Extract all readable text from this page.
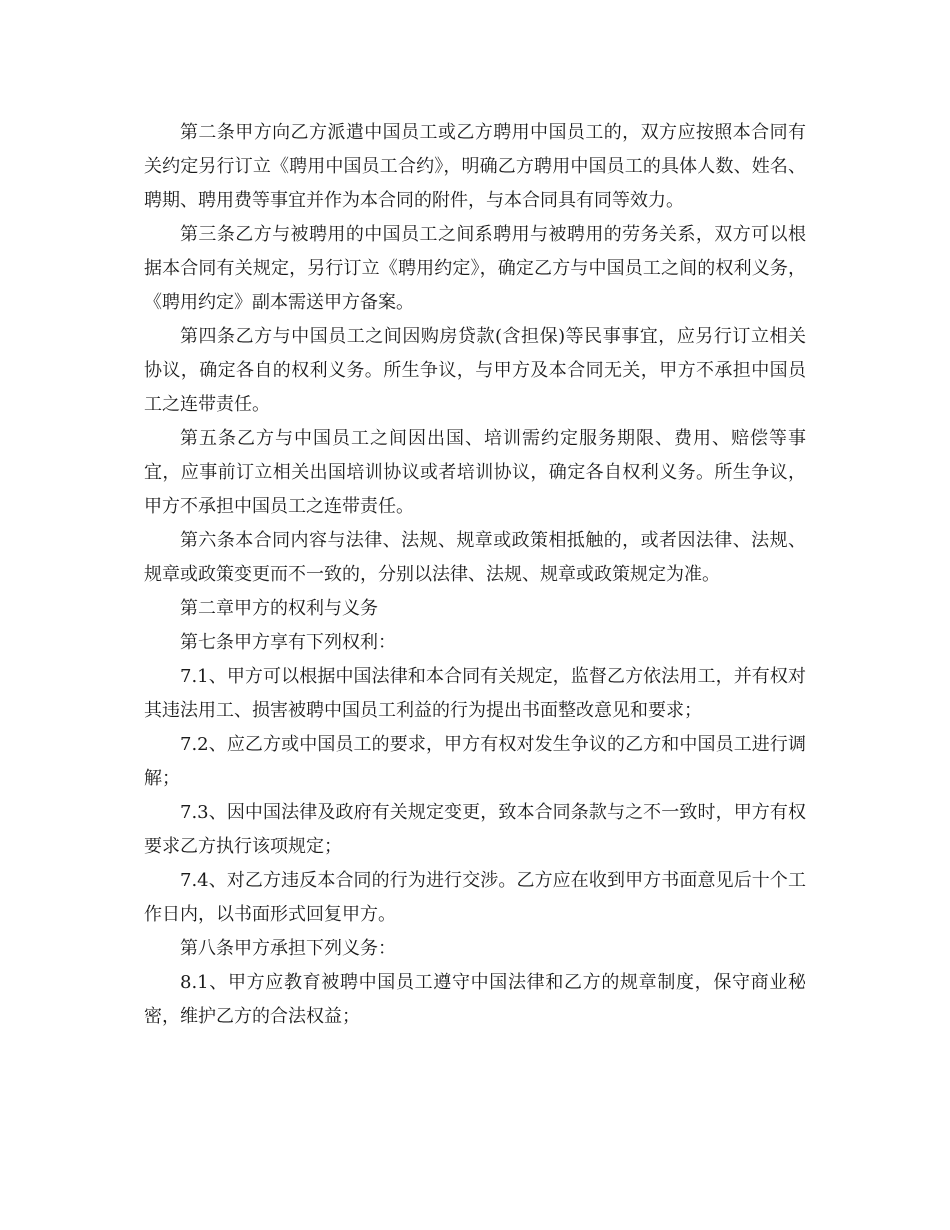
第二条甲方向乙方派遣中国员工或乙方聘用中国员工的，双方应按照本合同有关约定另行订立《聘用中国员工合约》，明确乙方聘用中国员工的具体人数、姓名、聘期、聘用费等事宜并作为本合同的附件，与本合同具有同等效力。

第三条乙方与被聘用的中国员工之间系聘用与被聘用的劳务关系，双方可以根据本合同有关规定，另行订立《聘用约定》，确定乙方与中国员工之间的权利义务，《聘用约定》副本需送甲方备案。

第四条乙方与中国员工之间因购房贷款(含担保)等民事事宜，应另行订立相关协议，确定各自的权利义务。所生争议，与甲方及本合同无关，甲方不承担中国员工之连带责任。

第五条乙方与中国员工之间因出国、培训需约定服务期限、费用、赔偿等事宜，应事前订立相关出国培训协议或者培训协议，确定各自权利义务。所生争议，甲方不承担中国员工之连带责任。

第六条本合同内容与法律、法规、规章或政策相抵触的，或者因法律、法规、规章或政策变更而不一致的，分别以法律、法规、规章或政策规定为准。

第二章甲方的权利与义务

第七条甲方享有下列权利：

7.1、甲方可以根据中国法律和本合同有关规定，监督乙方依法用工，并有权对其违法用工、损害被聘中国员工利益的行为提出书面整改意见和要求；

7.2、应乙方或中国员工的要求，甲方有权对发生争议的乙方和中国员工进行调解；

7.3、因中国法律及政府有关规定变更，致本合同条款与之不一致时，甲方有权要求乙方执行该项规定；

7.4、对乙方违反本合同的行为进行交涉。乙方应在收到甲方书面意见后十个工作日内，以书面形式回复甲方。

第八条甲方承担下列义务：

8.1、甲方应教育被聘中国员工遵守中国法律和乙方的规章制度，保守商业秘密，维护乙方的合法权益；
